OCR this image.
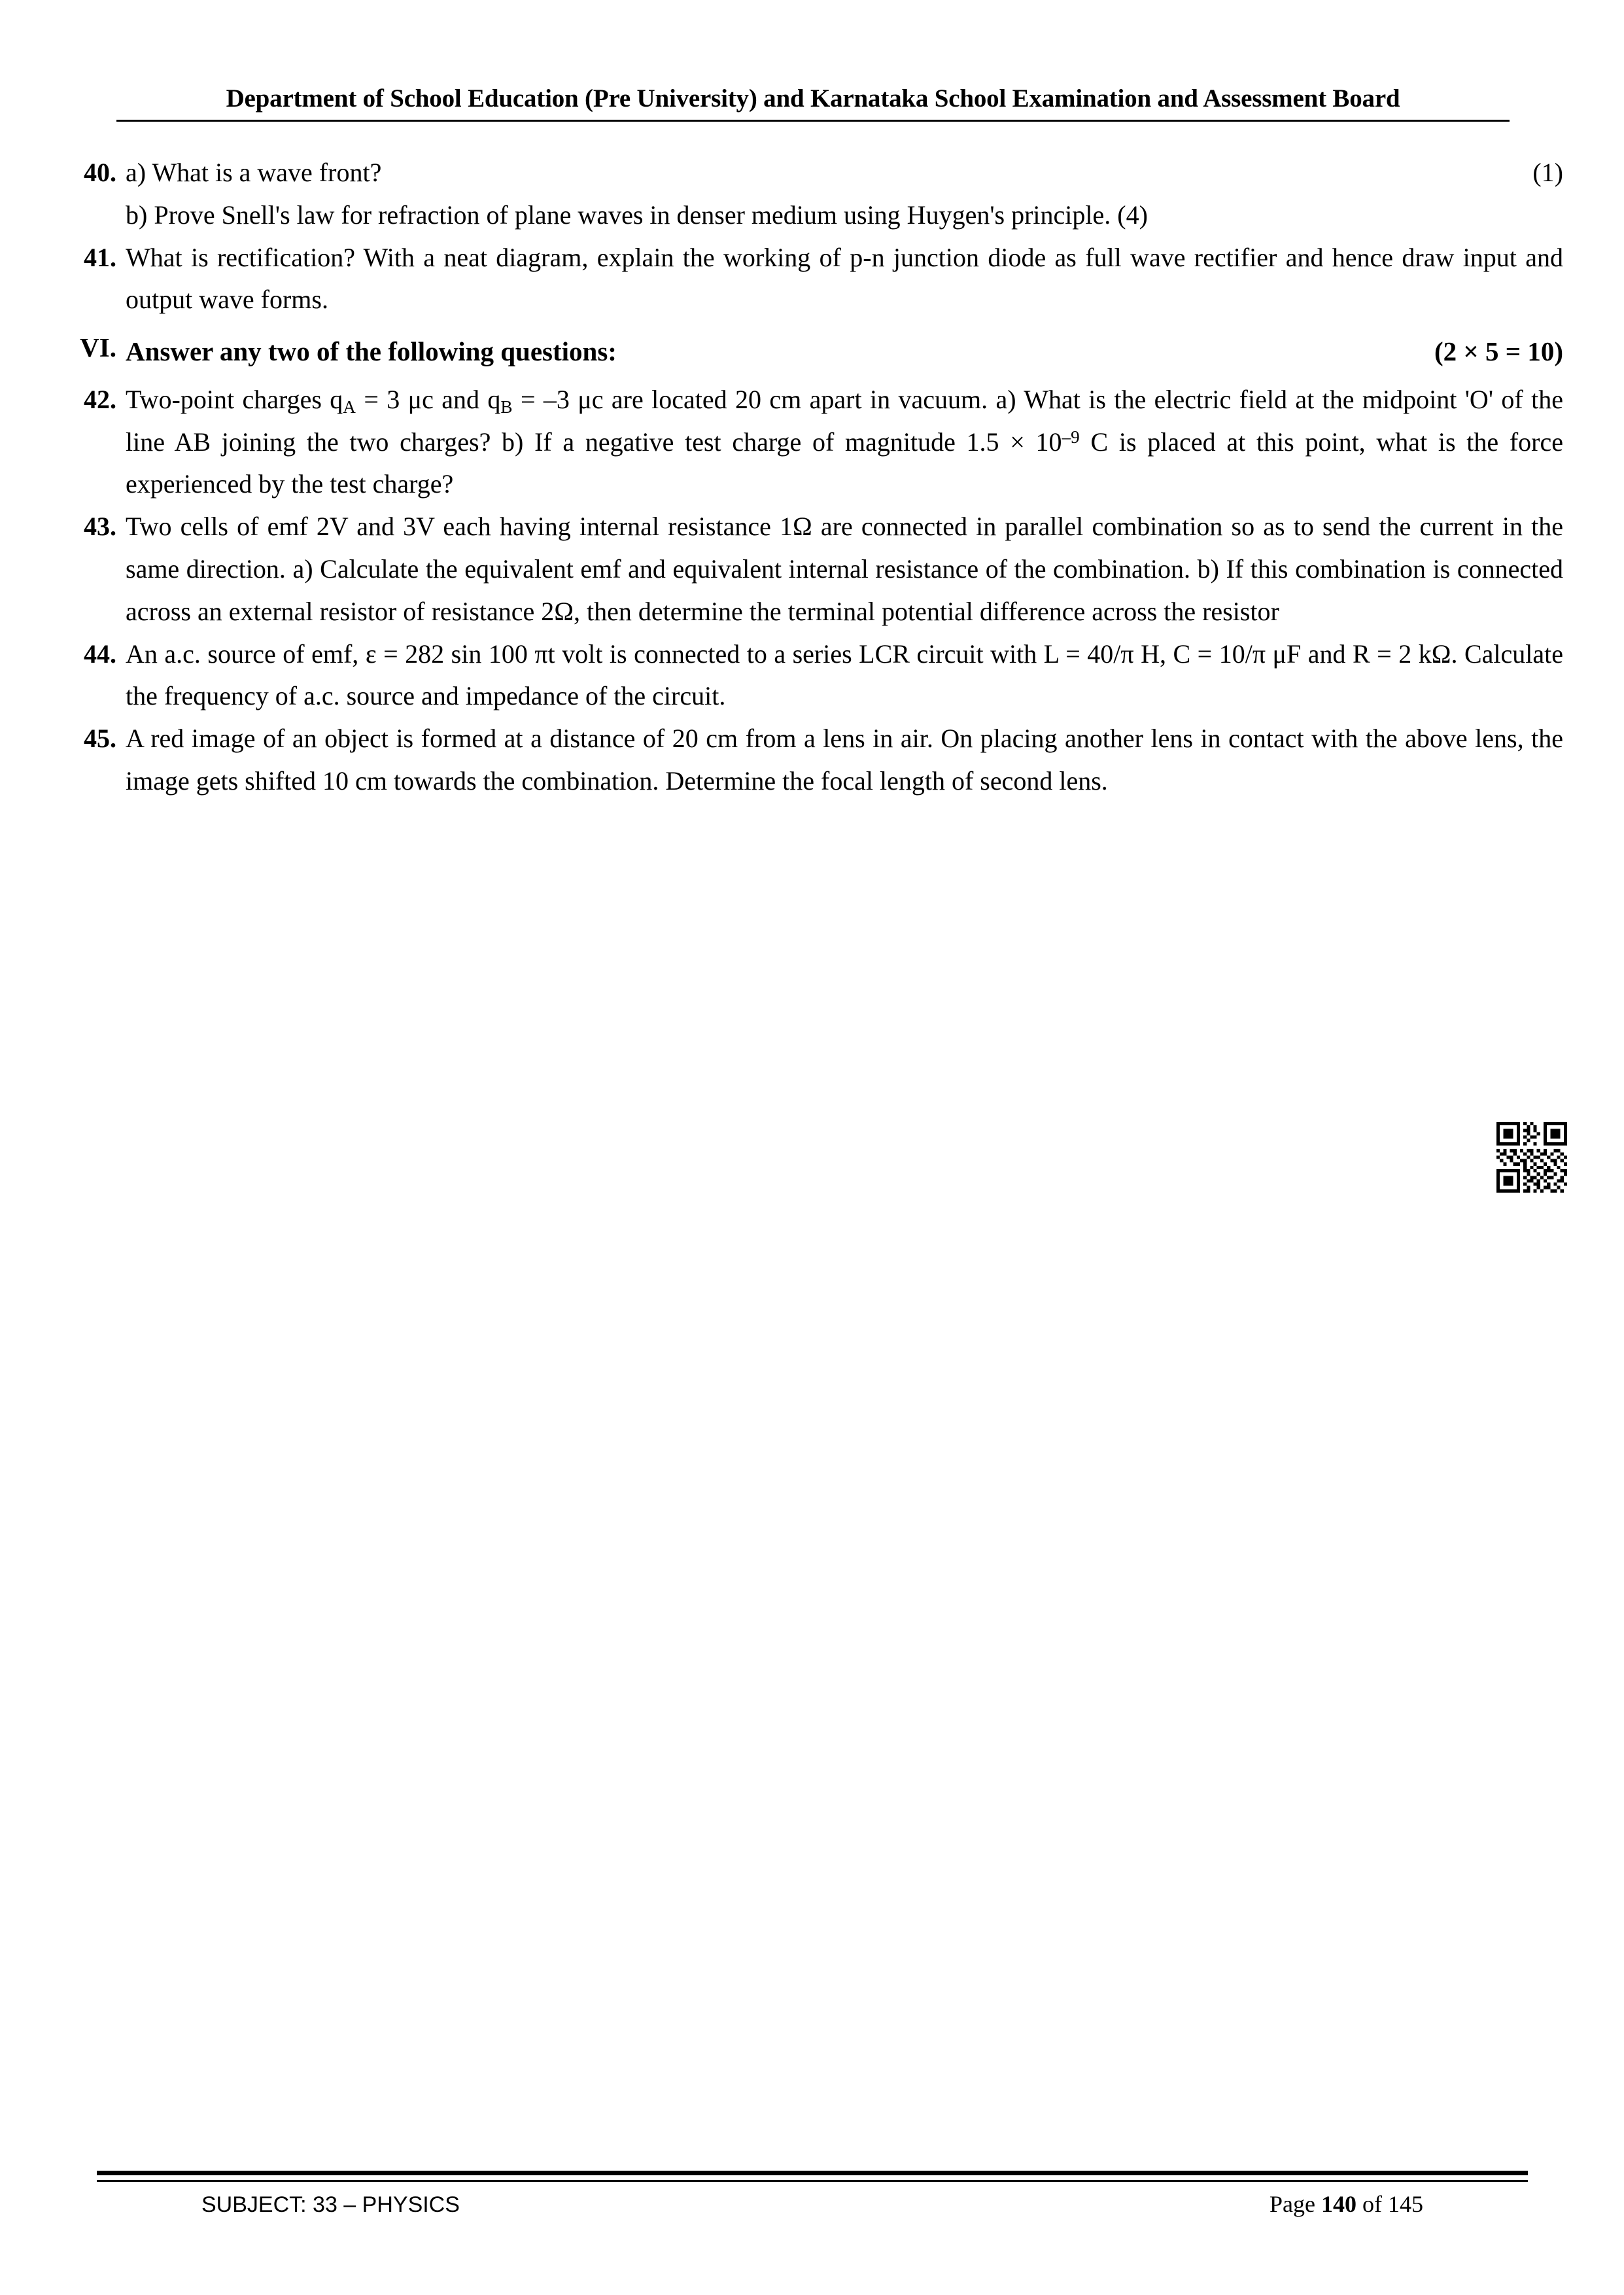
Department of School Education (Pre University) and Karnataka School Examination and Assessment Board
40.	(1)
a) What is a wave front?
b) Prove Snell's law for refraction of plane waves in denser medium using Huygen's principle. (4)
41. What is rectification? With a neat diagram, explain the working of p-n junction diode as full wave rectifier and hence draw input and output wave forms.
VI.	(2 × 5 = 10)
Answer any two of the following questions:
42. Two-point charges $q_A = 3$ μc and $q_B = -3$ μc are located 20 cm apart in vacuum. a) What is the electric field at the midpoint 'O' of the line AB joining the two charges? b) If a negative test charge of magnitude $1.5 \times 10^{-9}$ C is placed at this point, what is the force experienced by the test charge?
43. Two cells of emf 2V and 3V each having internal resistance 1Ω are connected in parallel combination so as to send the current in the same direction. a) Calculate the equivalent emf and equivalent internal resistance of the combination. b) If this combination is connected across an external resistor of resistance 2Ω, then determine the terminal potential difference across the resistor
44. An a.c. source of emf, ε = 282 sin 100 πt volt is connected to a series LCR circuit with L = 40/π H, C = 10/π μF and R = 2 kΩ. Calculate the frequency of a.c. source and impedance of the circuit.
45. A red image of an object is formed at a distance of 20 cm from a lens in air. On placing another lens in contact with the above lens, the image gets shifted 10 cm towards the combination. Determine the focal length of second lens.
SUBJECT: 33 – PHYSICS	Page 140 of 145
